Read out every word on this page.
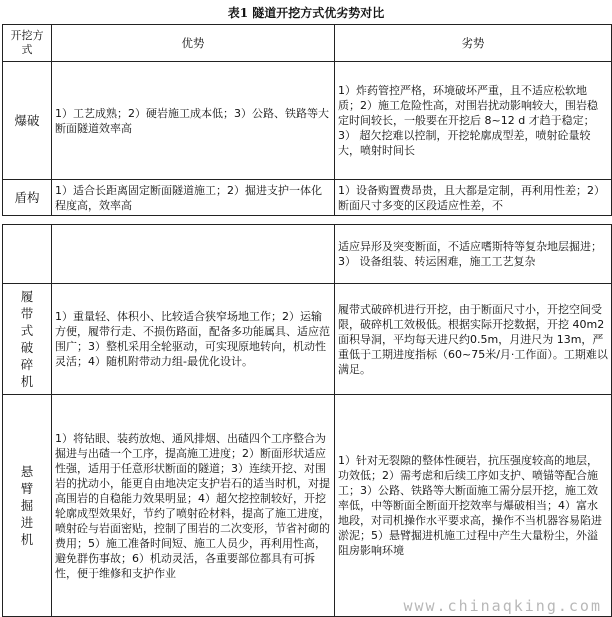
表1 隧道开挖方式优劣势对比
开挖方式	优势	劣势
爆破	1）工艺成熟；2）硬岩施工成本低；3）公路、铁路等大断面隧道效率高	1）炸药管控严格，环境破坏严重，且不适应松软地质；2）施工危险性高，对围岩扰动影响较大，围岩稳定时间较长，一般要在开挖后 8~12 d 才趋于稳定；3） 超欠挖难以控制，开挖轮廓成型差，喷射砼量较大，喷射时间长
盾构	1）适合长距离固定断面隧道施工；2）掘进支护一体化程度高，效率高	1）设备购置费昂贵，且大都是定制，再利用性差；2）断面尺寸多变的区段适应性差，不
		适应异形及突变断面，不适应嗜斯特等复杂地层掘进；3） 设备组装、转运困难，施工工艺复杂
履带式破碎机	1）重量轻、体积小、比较适合狭窄场地工作；2）运输方便，履带行走、不损伤路面，配备多功能属具、适应范围广；3）整机采用全轮驱动，可实现原地转向，机动性灵活；4）随机附带动力组-最优化设计。	履带式破碎机进行开挖，由于断面尺寸小，开挖空间受限，破碎机工效极低。根据实际开挖数据，开挖 40m2 面积导洞，平均每天进尺约0.5m，月进尺为 13m，严重低于工期进度指标（60~75米/月·工作面）。工期难以满足。
悬臂掘进机	1）将钻眼、装药放炮、通风排烟、出碴四个工序整合为掘进与出碴一个工序，提高施工进度；2）断面形状适应性强，适用于任意形状断面的隧道；3）连续开挖、对围岩的扰动小，能更自由地决定支护岩石的适当时机，对提高围岩的自稳能力效果明显；4）超欠挖控制较好，开挖轮廓成型效果好，节约了喷射砼材料，提高了施工进度，喷射砼与岩面密贴，控制了围岩的二次变形，节省衬砌的费用；5）施工准备时间短、施工人员少，再利用性高，避免群伤事故；6）机动灵活，各重要部位都具有可拆性，便于维修和支护作业	1）针对无裂隙的整体性硬岩，抗压强度较高的地层，功效低；2）需考虑和后续工序如支护、喷锚等配合施工；3）公路、铁路等大断面施工需分层开挖，施工效率低，中等断面全断面开挖效率与爆破相当；4）富水地段，对司机操作水平要求高，操作不当机器容易陷进淤泥；5）悬臂掘进机施工过程中产生大量粉尘，外溢阻房影响环境
www.chinaqking.com
